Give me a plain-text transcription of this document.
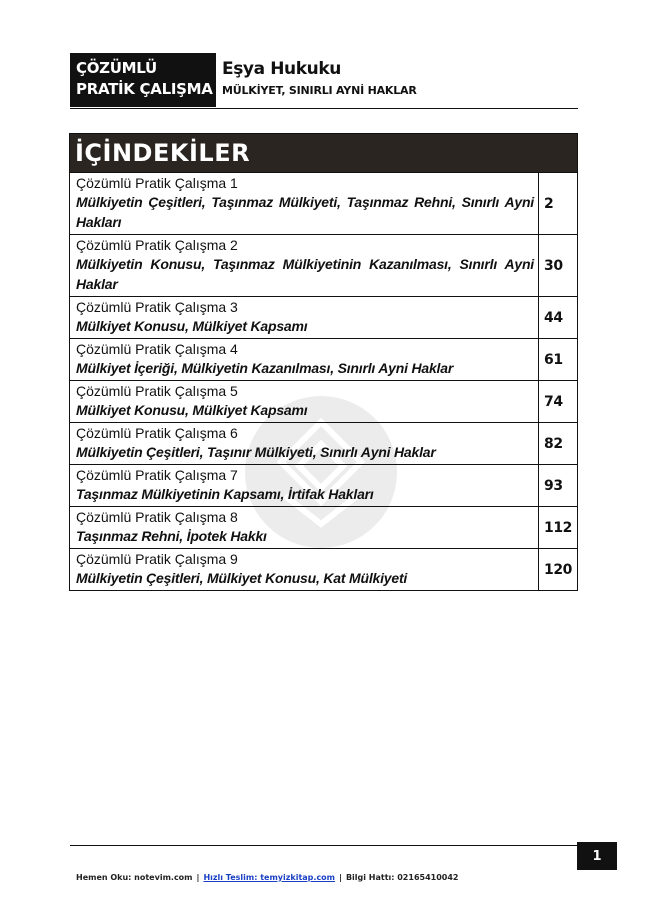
ÇÖZÜMLÜ
PRATİK ÇALIŞMA
Eşya Hukuku
MÜLKİYET, SINIRLI AYNİ HAKLAR
İÇİNDEKİLER
Çözümlü Pratik Çalışma 1
Mülkiyetin Çeşitleri, Taşınmaz Mülkiyeti, Taşınmaz Rehni, Sınırlı Ayni Hakları
2
Çözümlü Pratik Çalışma 2
Mülkiyetin Konusu, Taşınmaz Mülkiyetinin Kazanılması, Sınırlı Ayni Haklar
30
Çözümlü Pratik Çalışma 3
Mülkiyet Konusu, Mülkiyet Kapsamı
44
Çözümlü Pratik Çalışma 4
Mülkiyet İçeriği, Mülkiyetin Kazanılması, Sınırlı Ayni Haklar
61
Çözümlü Pratik Çalışma 5
Mülkiyet Konusu, Mülkiyet Kapsamı
74
Çözümlü Pratik Çalışma 6
Mülkiyetin Çeşitleri, Taşınır Mülkiyeti, Sınırlı Ayni Haklar
82
Çözümlü Pratik Çalışma 7
Taşınmaz Mülkiyetinin Kapsamı, İrtifak Hakları
93
Çözümlü Pratik Çalışma 8
Taşınmaz Rehni, İpotek Hakkı
112
Çözümlü Pratik Çalışma 9
Mülkiyetin Çeşitleri, Mülkiyet Konusu, Kat Mülkiyeti
120
1
Hemen Oku: notevim.com | Hızlı Teslim: temyizkitap.com | Bilgi Hattı: 02165410042
